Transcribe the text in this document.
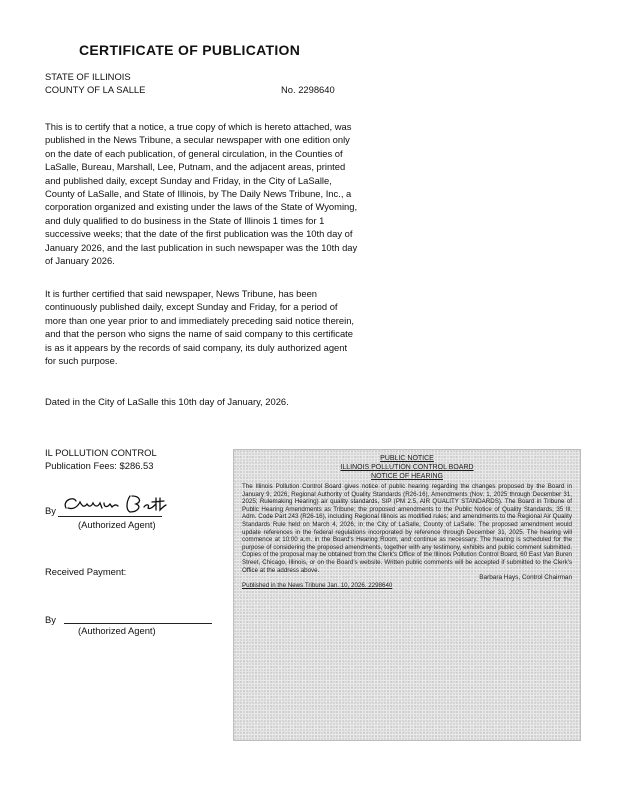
CERTIFICATE OF PUBLICATION
STATE OF ILLINOIS
COUNTY OF LA SALLE	No. 2298640
This is to certify that a notice, a true copy of which is hereto attached, was published in the News Tribune, a secular newspaper with one edition only on the date of each publication, of general circulation, in the Counties of LaSalle, Bureau, Marshall, Lee, Putnam, and the adjacent areas, printed and published daily, except Sunday and Friday, in the City of LaSalle, County of LaSalle, and State of Illinois, by The Daily News Tribune, Inc., a corporation organized and existing under the laws of the State of Wyoming, and duly qualified to do business in the State of Illinois 1 times for 1 successive weeks; that the date of the first publication was the 10th day of January 2026, and the last publication in such newspaper was the 10th day of January 2026.
It is further certified that said newspaper, News Tribune, has been continuously published daily, except Sunday and Friday, for a period of more than one year prior to and immediately preceding said notice therein, and that the person who signs the name of said company to this certificate is as it appears by the records of said company, its duly authorized agent for such purpose.
Dated in the City of LaSalle this 10th day of January, 2026.
IL POLLUTION CONTROL
Publication Fees: $286.53
By
(Authorized Agent)
Received Payment:
By
(Authorized Agent)
PUBLIC NOTICE
ILLINOIS POLLUTION CONTROL BOARD
NOTICE OF HEARING
The Illinois Pollution Control Board gives notice of public hearing regarding the changes proposed by the Board in January 9, 2026, Regional Authority of Quality Standards (R26-16), Amendments (Nov. 1, 2025 through December 31, 2025; Rulemaking Hearing) air quality standards, SIP (PM 2.5, AIR QUALITY STANDARDS). The Board in Tribune of Public Hearing Amendments as Tribune; the proposed amendments to the Public Notice of Quality Standards, 35 Ill. Adm. Code Part 243 (R26-16), including Regional Illinois as modified rules; and amendments to the Regional Air Quality Standards Rule held on March 4, 2026, in the City of LaSalle, County of LaSalle. The proposed amendment would update references in the federal regulations incorporated by reference through December 31, 2025. The hearing will commence at 10:00 a.m. in the Board's Hearing Room, and continue as necessary. The hearing is scheduled for the purpose of considering the proposed amendments, together with any testimony, exhibits and public comment submitted. Copies of the proposal may be obtained from the Clerk's Office of the Illinois Pollution Control Board, 60 East Van Buren Street, Chicago, Illinois, or on the Board's website. Written public comments will be accepted if submitted to the Clerk's Office at the address above.
Barbara Hays, Control Chairman
Published in the News Tribune Jan. 10, 2026. 2298640
